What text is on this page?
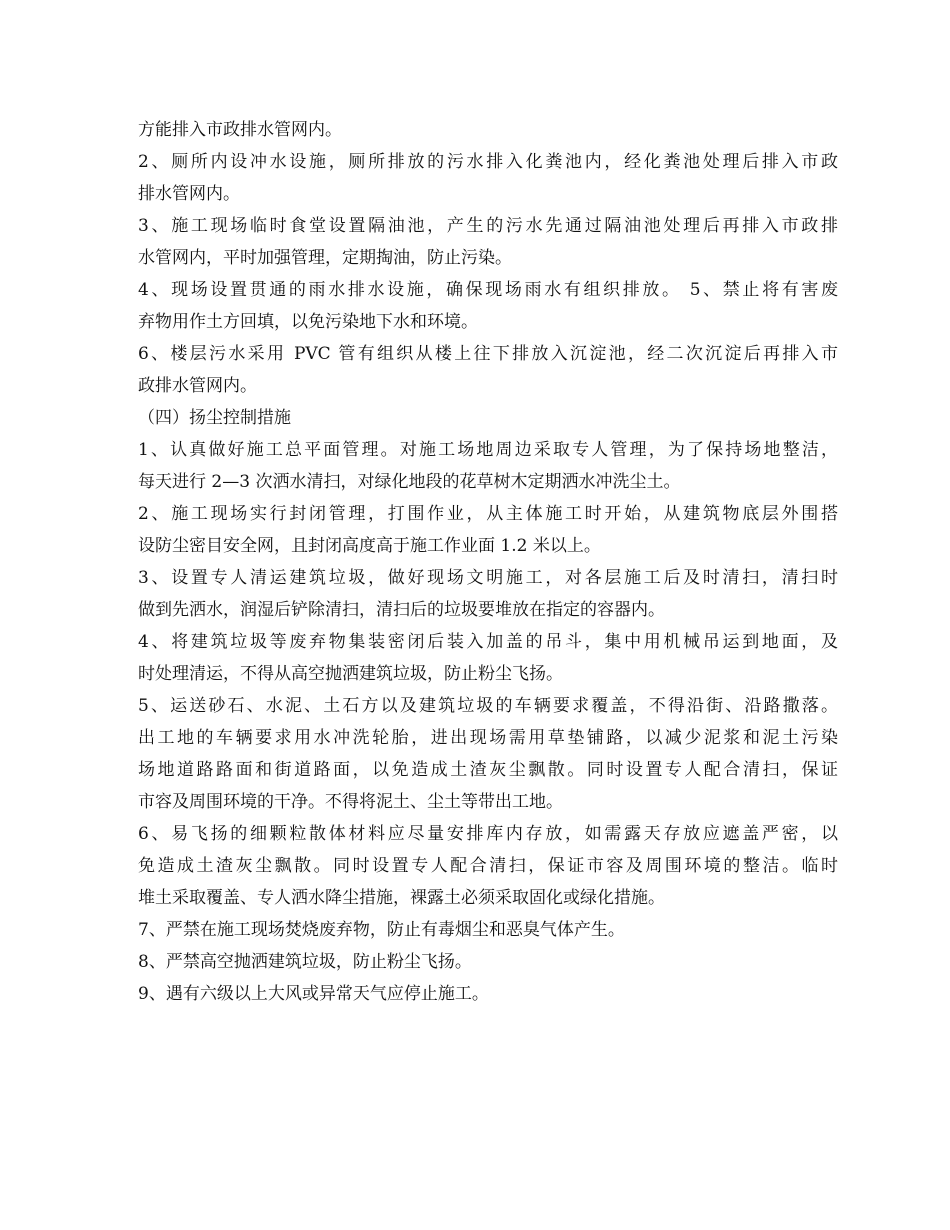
方能排入市政排水管网内。
2、厕所内设冲水设施，厕所排放的污水排入化粪池内，经化粪池处理后排入市政
排水管网内。
3、施工现场临时食堂设置隔油池，产生的污水先通过隔油池处理后再排入市政排
水管网内，平时加强管理，定期掏油，防止污染。
4、现场设置贯通的雨水排水设施，确保现场雨水有组织排放。 5、禁止将有害废
弃物用作土方回填，以免污染地下水和环境。
6、楼层污水采用 PVC 管有组织从楼上往下排放入沉淀池，经二次沉淀后再排入市
政排水管网内。
（四）扬尘控制措施
1、认真做好施工总平面管理。对施工场地周边采取专人管理，为了保持场地整洁，
每天进行 2—3 次洒水清扫，对绿化地段的花草树木定期洒水冲洗尘土。
2、施工现场实行封闭管理，打围作业，从主体施工时开始，从建筑物底层外围搭
设防尘密目安全网，且封闭高度高于施工作业面 1.2 米以上。
3、设置专人清运建筑垃圾，做好现场文明施工，对各层施工后及时清扫，清扫时
做到先洒水，润湿后铲除清扫，清扫后的垃圾要堆放在指定的容器内。
4、将建筑垃圾等废弃物集装密闭后装入加盖的吊斗，集中用机械吊运到地面，及
时处理清运，不得从高空抛洒建筑垃圾，防止粉尘飞扬。
5、运送砂石、水泥、土石方以及建筑垃圾的车辆要求覆盖，不得沿街、沿路撒落。
出工地的车辆要求用水冲洗轮胎，进出现场需用草垫铺路，以减少泥浆和泥土污染
场地道路路面和街道路面，以免造成土渣灰尘飘散。同时设置专人配合清扫，保证
市容及周围环境的干净。不得将泥土、尘土等带出工地。
6、易飞扬的细颗粒散体材料应尽量安排库内存放，如需露天存放应遮盖严密，以
免造成土渣灰尘飘散。同时设置专人配合清扫，保证市容及周围环境的整洁。临时
堆土采取覆盖、专人洒水降尘措施，裸露土必须采取固化或绿化措施。
7、严禁在施工现场焚烧废弃物，防止有毒烟尘和恶臭气体产生。
8、严禁高空抛洒建筑垃圾，防止粉尘飞扬。
9、遇有六级以上大风或异常天气应停止施工。
